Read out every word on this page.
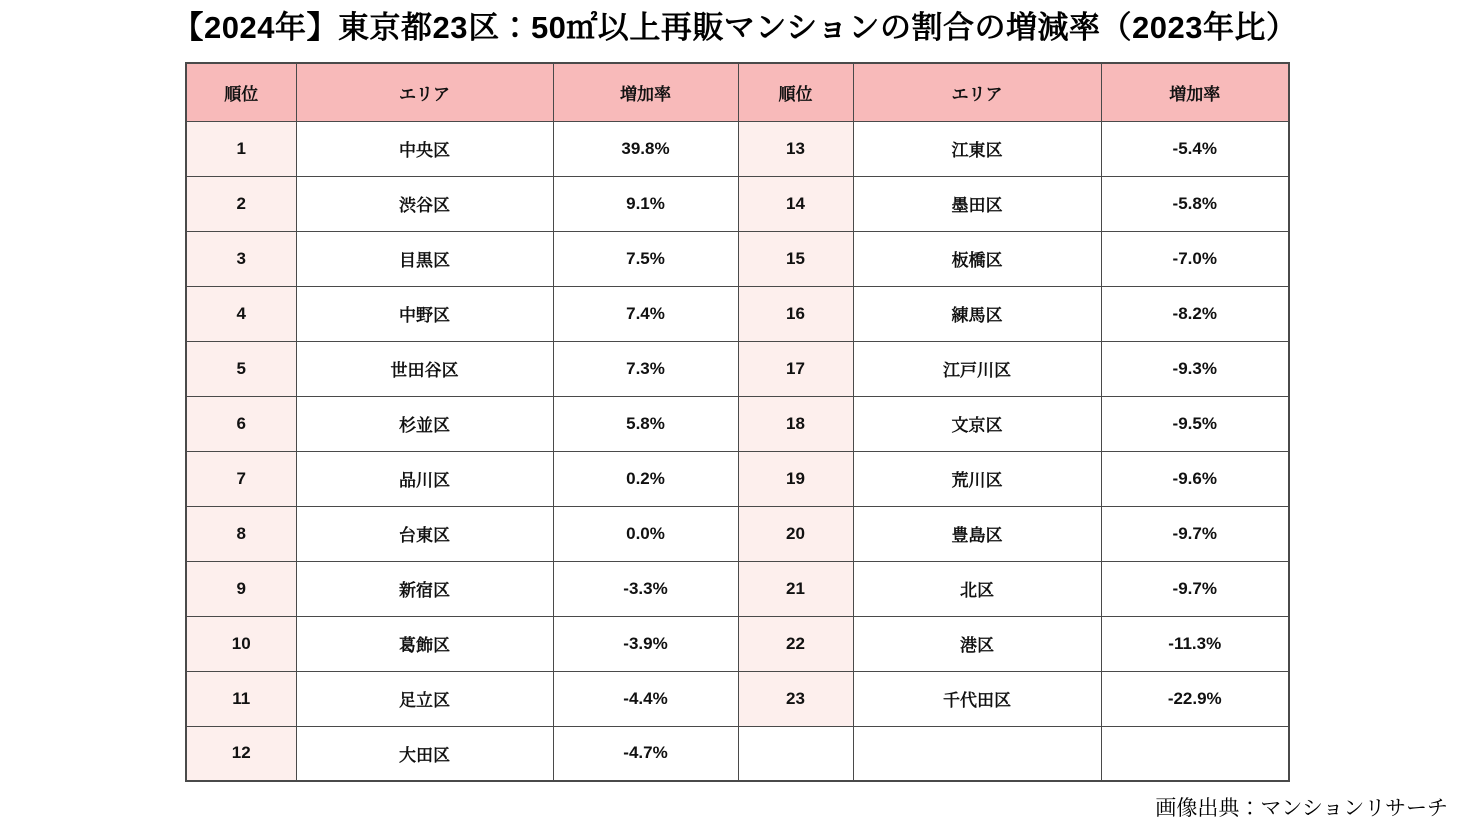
【2024年】東京都23区：50㎡以上再販マンションの割合の増減率（2023年比）
順位	エリア	増加率	順位	エリア	増加率
1	中央区	39.8%	13	江東区	-5.4%
2	渋谷区	9.1%	14	墨田区	-5.8%
3	目黒区	7.5%	15	板橋区	-7.0%
4	中野区	7.4%	16	練馬区	-8.2%
5	世田谷区	7.3%	17	江戸川区	-9.3%
6	杉並区	5.8%	18	文京区	-9.5%
7	品川区	0.2%	19	荒川区	-9.6%
8	台東区	0.0%	20	豊島区	-9.7%
9	新宿区	-3.3%	21	北区	-9.7%
10	葛飾区	-3.9%	22	港区	-11.3%
11	足立区	-4.4%	23	千代田区	-22.9%
12	大田区	-4.7%			
画像出典：マンションリサーチ
